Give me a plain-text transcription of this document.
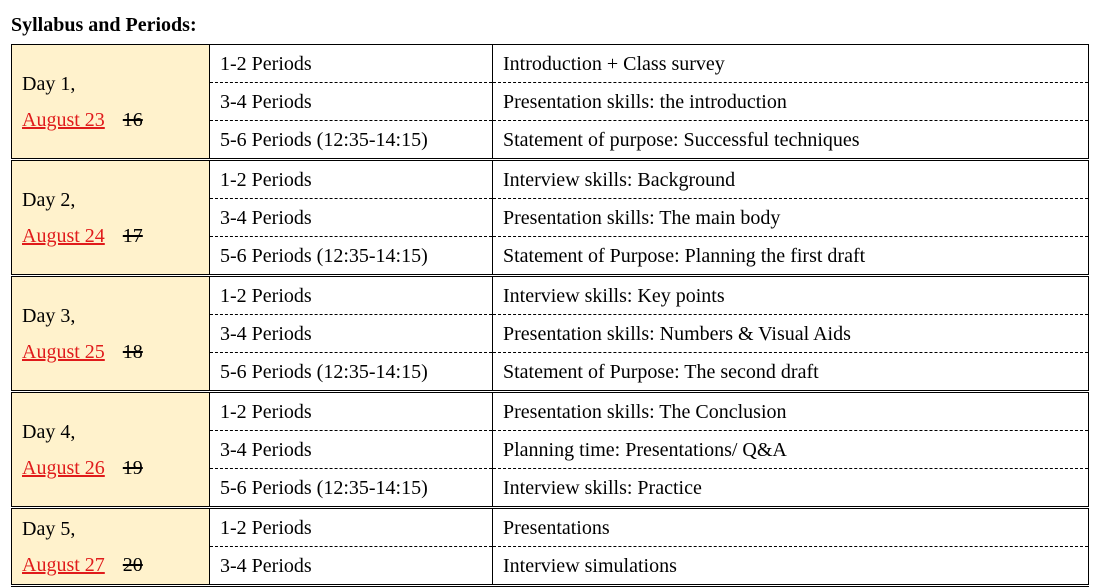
Syllabus and Periods:
Day 1,
August 23 16	1-2 Periods	Introduction + Class survey
	3-4 Periods	Presentation skills: the introduction
	5-6 Periods (12:35-14:15)	Statement of purpose: Successful techniques

Day 2,
August 24 17	1-2 Periods	Interview skills: Background
	3-4 Periods	Presentation skills: The main body
	5-6 Periods (12:35-14:15)	Statement of Purpose: Planning the first draft

Day 3,
August 25 18	1-2 Periods	Interview skills: Key points
	3-4 Periods	Presentation skills: Numbers & Visual Aids
	5-6 Periods (12:35-14:15)	Statement of Purpose: The second draft

Day 4,
August 26 19	1-2 Periods	Presentation skills: The Conclusion
	3-4 Periods	Planning time: Presentations/ Q&A
	5-6 Periods (12:35-14:15)	Interview skills: Practice

Day 5,
August 27 20	1-2 Periods	Presentations
	3-4 Periods	Interview simulations
